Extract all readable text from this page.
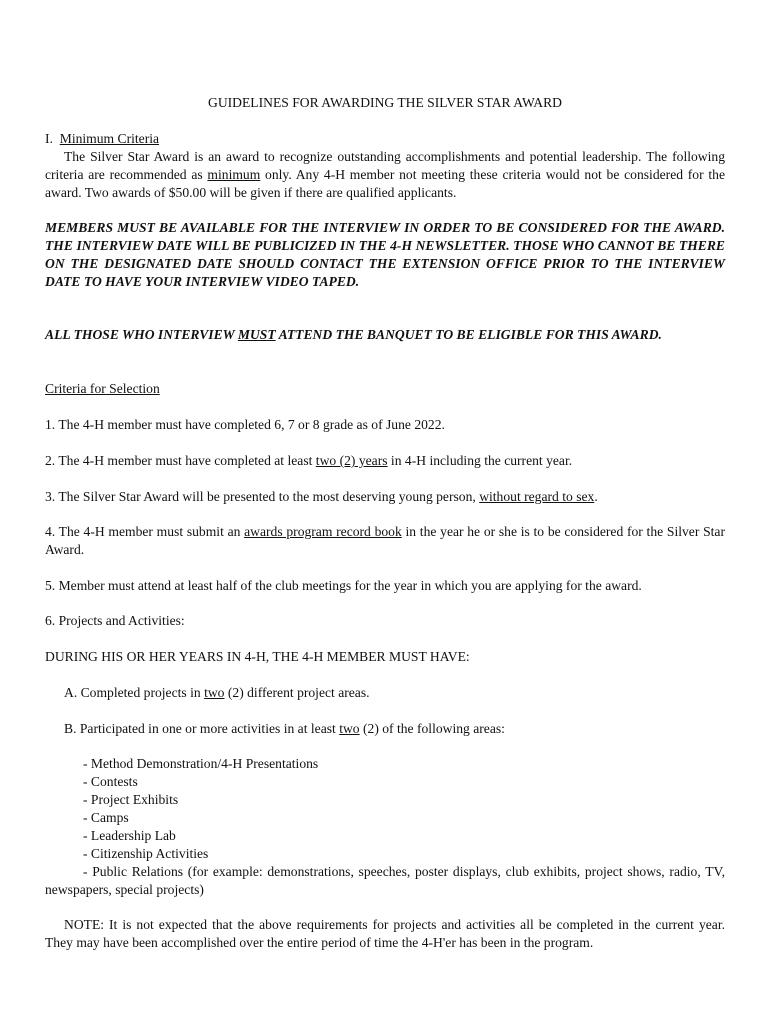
GUIDELINES FOR AWARDING THE SILVER STAR AWARD
I. Minimum Criteria
The Silver Star Award is an award to recognize outstanding accomplishments and potential leadership. The following criteria are recommended as minimum only. Any 4-H member not meeting these criteria would not be considered for the award. Two awards of $50.00 will be given if there are qualified applicants.
MEMBERS MUST BE AVAILABLE FOR THE INTERVIEW IN ORDER TO BE CONSIDERED FOR THE AWARD. THE INTERVIEW DATE WILL BE PUBLICIZED IN THE 4-H NEWSLETTER. THOSE WHO CANNOT BE THERE ON THE DESIGNATED DATE SHOULD CONTACT THE EXTENSION OFFICE PRIOR TO THE INTERVIEW DATE TO HAVE YOUR INTERVIEW VIDEO TAPED.
ALL THOSE WHO INTERVIEW MUST ATTEND THE BANQUET TO BE ELIGIBLE FOR THIS AWARD.
Criteria for Selection
1. The 4-H member must have completed 6, 7 or 8 grade as of June 2022.
2. The 4-H member must have completed at least two (2) years in 4-H including the current year.
3. The Silver Star Award will be presented to the most deserving young person, without regard to sex.
4. The 4-H member must submit an awards program record book in the year he or she is to be considered for the Silver Star Award.
5. Member must attend at least half of the club meetings for the year in which you are applying for the award.
6. Projects and Activities:
DURING HIS OR HER YEARS IN 4-H, THE 4-H MEMBER MUST HAVE:
A. Completed projects in two (2) different project areas.
B. Participated in one or more activities in at least two (2) of the following areas:
- Method Demonstration/4-H Presentations
- Contests
- Project Exhibits
- Camps
- Leadership Lab
- Citizenship Activities
- Public Relations (for example: demonstrations, speeches, poster displays, club exhibits, project shows, radio, TV, newspapers, special projects)
NOTE: It is not expected that the above requirements for projects and activities all be completed in the current year. They may have been accomplished over the entire period of time the 4-H'er has been in the program.
